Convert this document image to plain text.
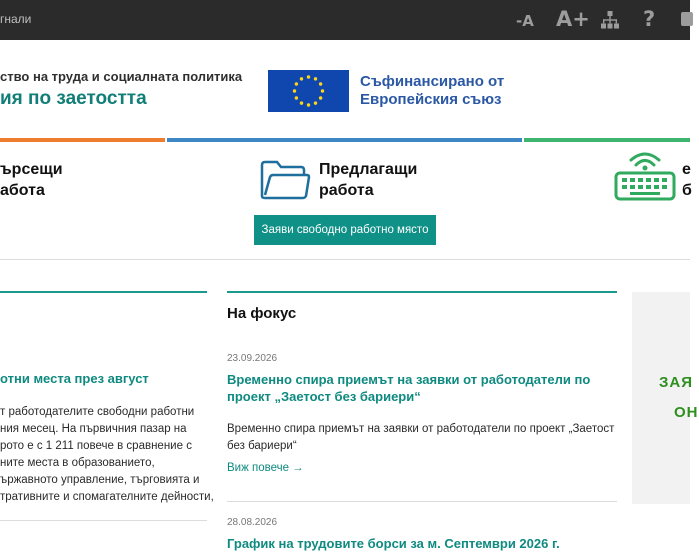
гнали	-A A+	?
ство на труда и социалната политика
ия по заетостта
Съфинансирано от
Европейския съюз
ърсещи
абота
Предлагащи
работа
е
б
Заяви свободно работно място
отни места през август
т работодателите свободни работни
ния месец. На първичния пазар на
рото е с 1 211 повече в сравнение с
ните места в образованието,
ържавното управление, търговията и
тративните и спомагателните дейности,
На фокус
23.09.2026
Временно спира приемът на заявки от работодатели по проект „Заетост без бариери“
Временно спира приемът на заявки от работодатели по проект „Заетост без бариери“
Виж повече →
28.08.2026
График на трудовите борси за м. Септември 2026 г.
ЗАЯ
ОН
